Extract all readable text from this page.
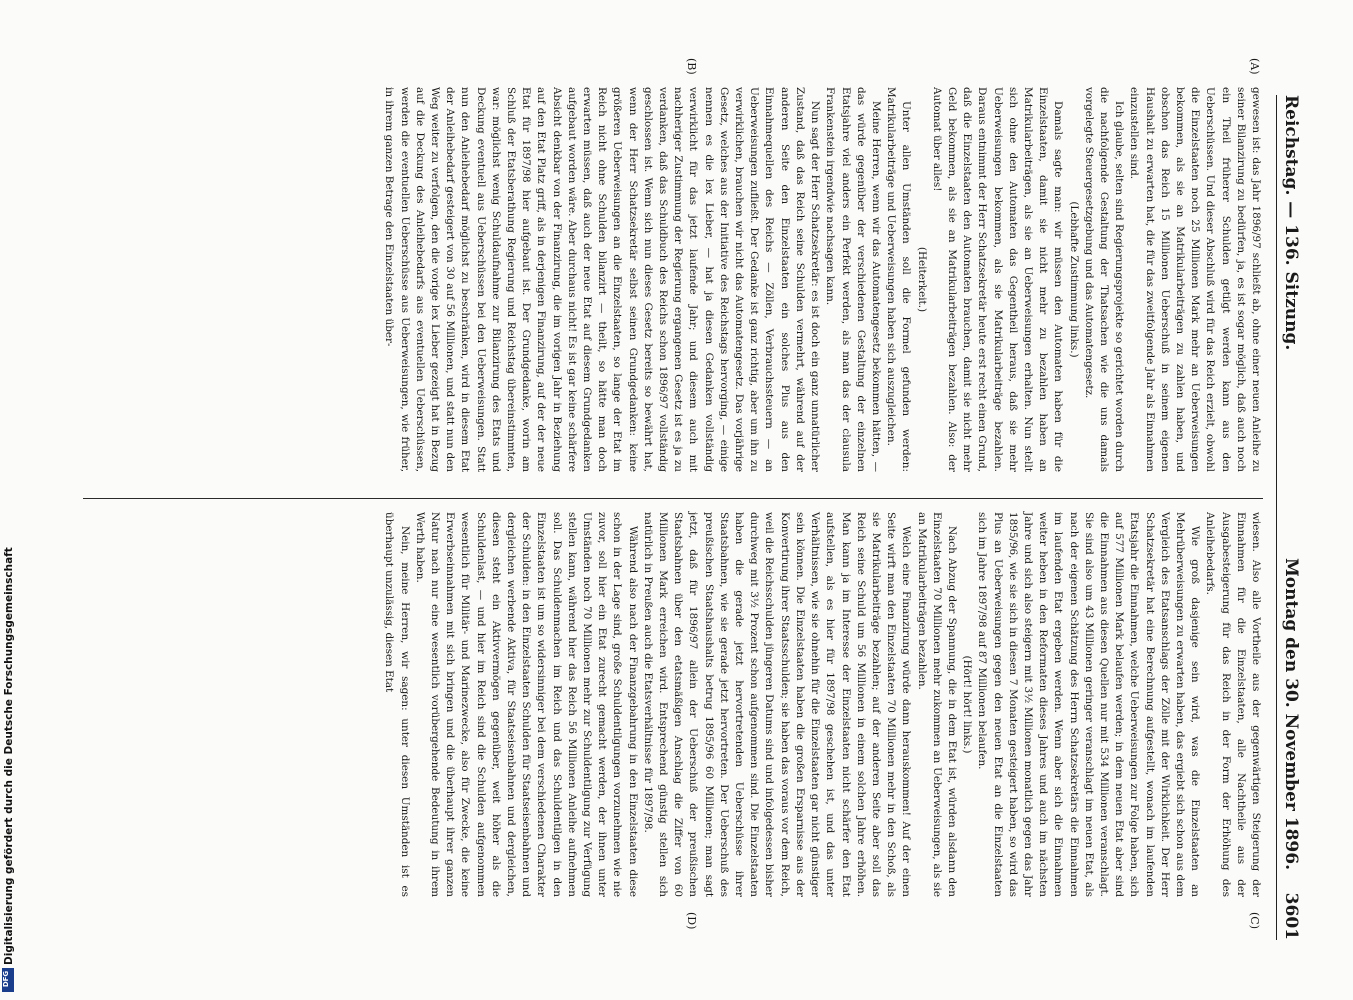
Reichstag. — 136. Sitzung.
Montag den 30. November 1896.
3601
(A)
(B)
(C)
(D)

gewesen ist: das Jahr 1896/97 schließt ab, ohne einer neuen Anleihe zu seiner Bilanzirung zu bedürfen, ja, es ist sogar möglich, daß auch noch ein Theil früherer Schulden getilgt werden kann aus den Ueberschüssen. Und dieser Abschluß wird für das Reich erzielt, obwohl die Einzelstaaten noch 25 Millionen Mark mehr an Ueberweisungen bekommen, als sie an Matrikularbeiträgen zu zahlen haben, und obschon das Reich 15 Millionen Ueberschuß in seinem eigenen Haushalt zu erwarten hat, die für das zweitfolgende Jahr als Einnahmen einzustellen sind.

Ich glaube, selten sind Regierungsprojekte so gerichtet worden durch die nachfolgende Gestaltung der Thatsachen wie die uns damals vorgelegte Steuergesetzgebung und das Automatengesetz.

(Lebhafte Zustimmung links.)

Damals sagte man: wir müssen den Automaten haben für die Einzelstaaten, damit sie nicht mehr zu bezahlen haben an Matrikularbeiträgen, als sie an Ueberweisungen erhalten. Nun stellt sich ohne den Automaten das Gegentheil heraus, daß sie mehr Ueberweisungen bekommen, als sie Matrikularbeiträge bezahlen. Daraus entnimmt der Herr Schatzsekretär heute erst recht einen Grund, daß die Einzelstaaten den Automaten brauchen, damit sie nicht mehr Geld bekommen, als sie an Matrikularbeiträgen bezahlen. Also: der Automat über alles!

(Heiterkeit.)

Unter allen Umständen soll die Formel gefunden werden: Matrikularbeiträge und Ueberweisungen haben sich auszugleichen.

Meine Herren, wenn wir das Automatengesetz bekommen hätten, — das würde gegenüber der verschiedenen Gestaltung der einzelnen Etatsjahre viel anders ein Perfekt werden, als man das der clausula Frankenstein irgendwie nachsagen kann.

Nun sagt der Herr Schatzsekretär: es ist doch ein ganz unnatürlicher Zustand, daß das Reich seine Schulden vermehrt, während auf der anderen Seite den Einzelstaaten ein solches Plus aus den Einnahmequellen des Reichs — Zöllen, Verbrauchssteuern — an Ueberweisungen zufließt. Der Gedanke ist ganz richtig, aber um ihn zu verwirklichen, brauchen wir nicht das Automatengesetz. Das vorjährige Gesetz, welches aus der Initiative des Reichstags hervorging, — einige nennen es die lex Lieber, — hat ja diesen Gedanken vollständig verwirklicht für das jetzt laufende Jahr; und diesem auch mit nachheriger Zustimmung der Regierung ergangenen Gesetz ist es ja zu verdanken, daß das Schuldbuch des Reichs schon 1896/97 vollständig geschlossen ist. Wenn sich nun dieses Gesetz bereits so bewährt hat, wenn der Herr Schatzsekretär selbst seinen Grundgedanken: keine größeren Ueberweisungen an die Einzelstaaten, so lange der Etat im Reich nicht ohne Schulden bilanzirt — theilt, so hätte man doch erwarten müssen, daß auch der neue Etat auf diesem Grundgedanken aufgebaut worden wäre. Aber durchaus nicht! Es ist gar keine schärfere Absicht denkbar von der Finanzirung, die im vorigen Jahr in Beziehung auf den Etat Platz griff, als in derjenigen Finanzirung, auf der der neue Etat für 1897/98 hier aufgebaut ist. Der Grundgedanke, worin am Schluß der Etatsberathung Regierung und Reichstag übereinstimmten, war: möglichst wenig Schuldaufnahme zur Bilanzirung des Etats und Deckung eventuell aus Ueberschüssen bei den Ueberweisungen. Statt nun den Anleihebedarf möglichst zu beschränken, wird in diesem Etat der Anleihebedarf gesteigert von 30 auf 56 Millionen, und statt nun den Weg weiter zu verfolgen, den die vorige lex Lieber gezeigt hat in Bezug auf die Deckung des Anleihebedarfs aus eventuellen Ueberschüssen, werden die eventuellen Ueberschüsse aus Ueberweisungen, wie früher, in ihrem ganzen Betrage den Einzelstaaten über-

wiesen. Also alle Vortheile aus der gegenwärtigen Steigerung der Einnahmen für die Einzelstaaten, alle Nachtheile aus der Ausgabesteigerung für das Reich in der Form der Erhöhung des Anleihebedarfs.

Wie groß dasjenige sein wird, was die Einzelstaaten an Mehrüberweisungen zu erwarten haben, das ergiebt sich schon aus dem Vergleich des Etatsanschlags der Zölle mit der Wirklichkeit. Der Herr Schatzsekretär hat eine Berechnung aufgestellt, wonach im laufenden Etatsjahr die Einnahmen, welche Ueberweisungen zur Folge haben, sich auf 577 Millionen Mark belaufen werden; in dem neuen Etat aber sind die Einnahmen aus diesen Quellen nur mit 534 Millionen veranschlagt. Sie sind also um 43 Millionen geringer veranschlagt im neuen Etat, als nach der eigenen Schätzung des Herrn Schatzsekretärs die Einnahmen im laufenden Etat ergeben werden. Wenn aber sich die Einnahmen weiter heben in den Reformaten dieses Jahres und auch im nächsten Jahre und sich also steigern mit 3½ Millionen monatlich gegen das Jahr 1895/96, wie sie sich in diesen 7 Monaten gesteigert haben, so wird das Plus an Ueberweisungen gegen den neuen Etat an die Einzelstaaten sich im Jahre 1897/98 auf 87 Millionen belaufen.

(Hört! hört! links.)

Nach Abzug der Spannung, die in dem Etat ist, würden alsdann den Einzelstaaten 70 Millionen mehr zukommen an Ueberweisungen, als sie an Matrikularbeiträgen bezahlen.

Welch eine Finanzirung würde dann herauskommen! Auf der einen Seite wirft man den Einzelstaaten 70 Millionen mehr in den Schoß, als sie Matrikularbeiträge bezahlen; auf der anderen Seite aber soll das Reich seine Schuld um 56 Millionen in einem solchen Jahre erhöhen. Man kann ja im Interesse der Einzelstaaten nicht schärfer den Etat aufstellen, als es hier für 1897/98 geschehen ist, und das unter Verhältnissen, wie sie ohnehin für die Einzelstaaten gar nicht günstiger sein können. Die Einzelstaaten haben die großen Ersparnisse aus der Konvertirung ihrer Staatsschulden; sie haben das voraus vor dem Reich, weil die Reichsschulden jüngeren Datums sind und infolgedessen bisher durchweg mit 3½ Prozent schon aufgenommen sind. Die Einzelstaaten haben die gerade jetzt hervortretenden Ueberschüsse ihrer Staatsbahnen, wie sie gerade jetzt hervortreten. Der Ueberschuß des preußischen Staatshaushalts betrug 1895/96 60 Millionen; man sagt jetzt, daß für 1896/97 allein der Ueberschuß der preußischen Staatsbahnen über den etatsmäßigen Anschlag die Ziffer von 60 Millionen Mark erreichen wird. Entsprechend günstig stellen sich natürlich in Preußen auch die Etatsverhältnisse für 1897/98.

Während also nach der Finanzgebahrung in den Einzelstaaten diese schon in der Lage sind, große Schuldentilgungen vorzunehmen wie nie zuvor, soll hier ein Etat zurecht gemacht werden, der ihnen unter Umständen noch 70 Millionen mehr zur Schuldentilgung zur Verfügung stellen kann, während hier das Reich 56 Millionen Anleihe aufnehmen soll. Das Schuldenmachen im Reich und das Schuldentilgen in den Einzelstaaten ist um so widersinniger bei dem verschiedenen Charakter der Schulden: in den Einzelstaaten Schulden für Staatseisenbahnen und dergleichen werbende Aktiva, für Staatseisenbahnen und dergleichen, diesen steht ein Aktivvermögen gegenüber, weit höher als die Schuldenlast, — und hier im Reich sind die Schulden aufgenommen wesentlich für Militär- und Marinezwecke, also für Zwecke, die keine Erwerbseinnahmen mit sich bringen und die überhaupt ihrer ganzen Natur nach nur eine wesentlich vorübergehende Bedeutung in ihrem Werth haben.

Nein, meine Herren, wir sagen: unter diesen Umständen ist es überhaupt unzulässig, diesen Etat

Digitalisierung gefördert durch die Deutsche Forschungsgemeinschaft
DFG
